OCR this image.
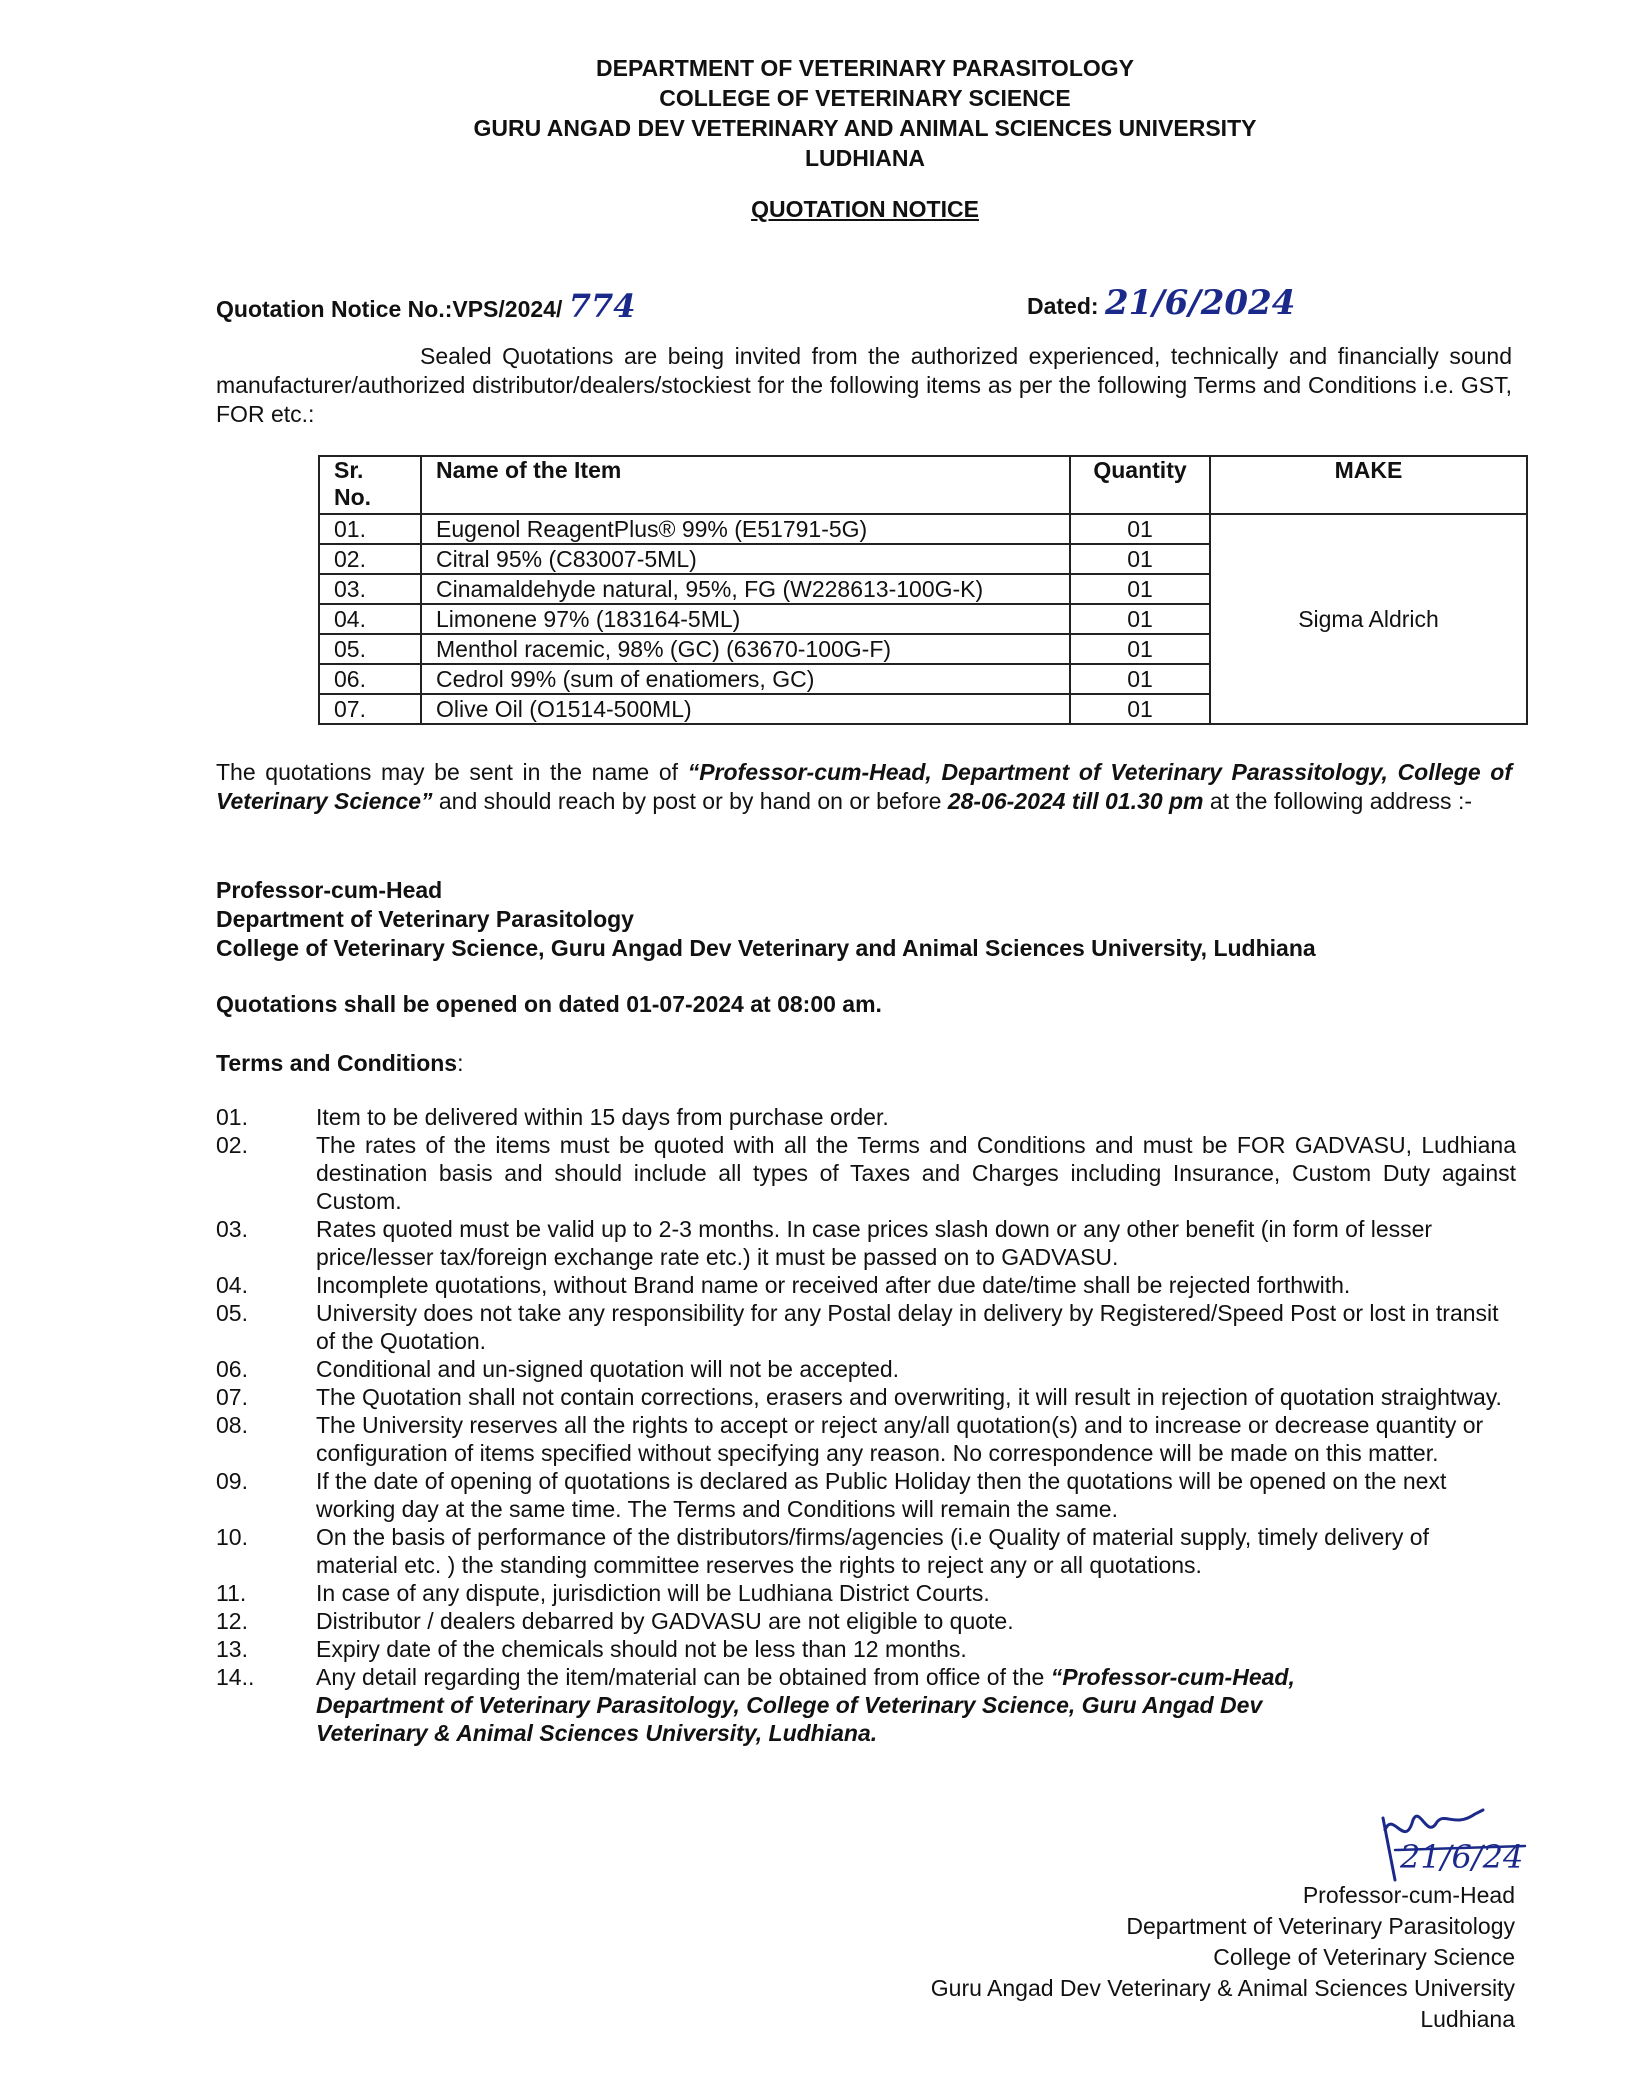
DEPARTMENT OF VETERINARY PARASITOLOGY
COLLEGE OF VETERINARY SCIENCE
GURU ANGAD DEV VETERINARY AND ANIMAL SCIENCES UNIVERSITY
LUDHIANA
QUOTATION NOTICE
Quotation Notice No.:VPS/2024/ 774	Dated: 21/6/2024
Sealed Quotations are being invited from the authorized experienced, technically and financially sound manufacturer/authorized distributor/dealers/stockiest for the following items as per the following Terms and Conditions i.e. GST, FOR etc.:
Sr. No.	Name of the Item	Quantity	MAKE
01.	Eugenol ReagentPlus® 99% (E51791-5G)	01	Sigma Aldrich
02.	Citral 95% (C83007-5ML)	01	
03.	Cinamaldehyde natural, 95%, FG (W228613-100G-K)	01	
04.	Limonene 97% (183164-5ML)	01	
05.	Menthol racemic, 98% (GC) (63670-100G-F)	01	
06.	Cedrol 99% (sum of enatiomers, GC)	01	
07.	Olive Oil (O1514-500ML)	01	
The quotations may be sent in the name of “Professor-cum-Head, Department of Veterinary Parassitology, College of Veterinary Science” and should reach by post or by hand on or before 28-06-2024 till 01.30 pm at the following address :-
Professor-cum-Head
Department of Veterinary Parasitology
College of Veterinary Science, Guru Angad Dev Veterinary and Animal Sciences University, Ludhiana
Quotations shall be opened on dated 01-07-2024 at 08:00 am.
Terms and Conditions:
01.	Item to be delivered within 15 days from purchase order.
02.	The rates of the items must be quoted with all the Terms and Conditions and must be FOR GADVASU, Ludhiana destination basis and should include all types of Taxes and Charges including Insurance, Custom Duty against Custom.
03.	Rates quoted must be valid up to 2-3 months. In case prices slash down or any other benefit (in form of lesser price/lesser tax/foreign exchange rate etc.) it must be passed on to GADVASU.
04.	Incomplete quotations, without Brand name or received after due date/time shall be rejected forthwith.
05.	University does not take any responsibility for any Postal delay in delivery by Registered/Speed Post or lost in transit of the Quotation.
06.	Conditional and un-signed quotation will not be accepted.
07.	The Quotation shall not contain corrections, erasers and overwriting, it will result in rejection of quotation straightway.
08.	The University reserves all the rights to accept or reject any/all quotation(s) and to increase or decrease quantity or configuration of items specified without specifying any reason. No correspondence will be made on this matter.
09.	If the date of opening of quotations is declared as Public Holiday then the quotations will be opened on the next working day at the same time. The Terms and Conditions will remain the same.
10.	On the basis of performance of the distributors/firms/agencies (i.e Quality of material supply, timely delivery of material etc. ) the standing committee reserves the rights to reject any or all quotations.
11.	In case of any dispute, jurisdiction will be Ludhiana District Courts.
12.	Distributor / dealers debarred by GADVASU are not eligible to quote.
13.	Expiry date of the chemicals should not be less than 12 months.
14..	Any detail regarding the item/material can be obtained from office of the “Professor-cum-Head, Department of Veterinary Parasitology, College of Veterinary Science, Guru Angad Dev Veterinary & Animal Sciences University, Ludhiana.
21/6/24
Professor-cum-Head
Department of Veterinary Parasitology
College of Veterinary Science
Guru Angad Dev Veterinary & Animal Sciences University
Ludhiana
